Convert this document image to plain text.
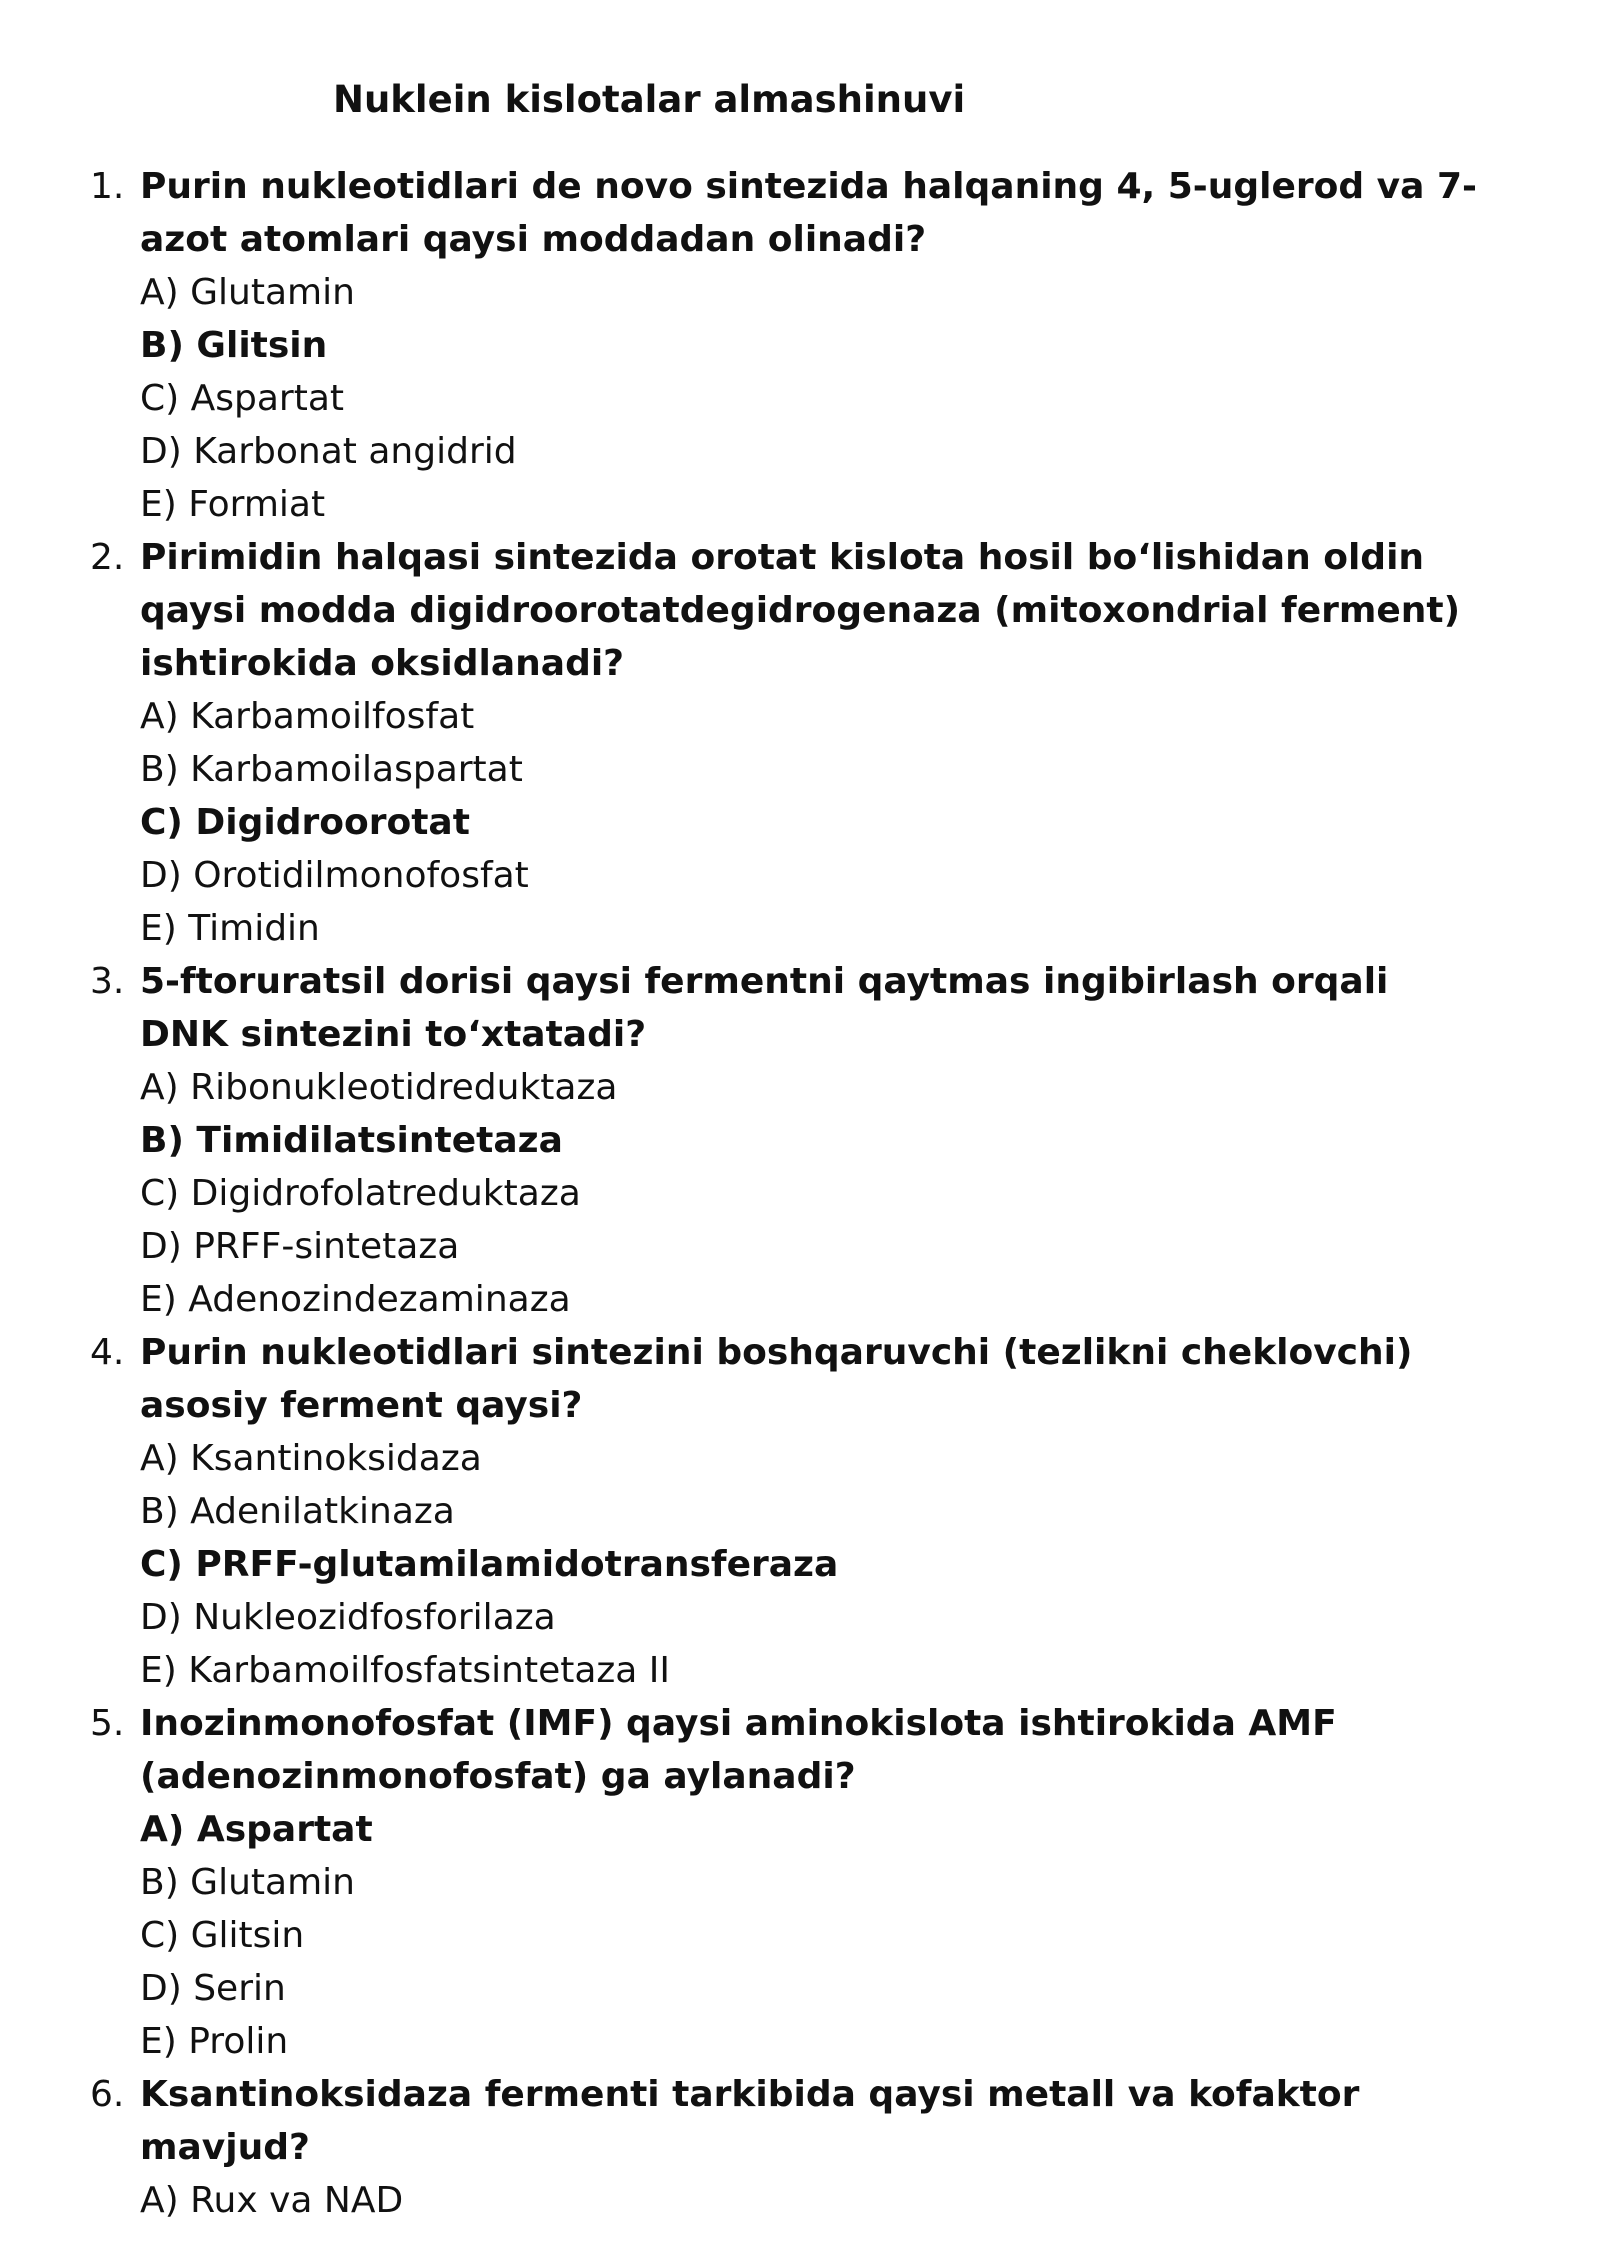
Nuklein kislotalar almashinuvi
1. Purin nukleotidlari de novo sintezida halqaning 4, 5-uglerod va 7-azot atomlari qaysi moddadan olinadi?

A) Glutamin
B) Glitsin
C) Aspartat
D) Karbonat angidrid
E) Formiat
2. Pirimidin halqasi sintezida orotat kislota hosil bo‘lishidan oldin qaysi modda digidroorotatdegidrogenaza (mitoxondrial ferment) ishtirokida oksidlanadi?

A) Karbamoilfosfat
B) Karbamoilaspartat
C) Digidroorotat
D) Orotidilmonofosfat
E) Timidin
3. 5-ftoruratsil dorisi qaysi fermentni qaytmas ingibirlash orqali DNK sintezini to‘xtatadi?

A) Ribonukleotidreduktaza
B) Timidilatsintetaza
C) Digidrofolatreduktaza
D) PRFF-sintetaza
E) Adenozindezaminaza
4. Purin nukleotidlari sintezini boshqaruvchi (tezlikni cheklovchi) asosiy ferment qaysi?

A) Ksantinoksidaza
B) Adenilatkinaza
C) PRFF-glutamilamidotransferaza
D) Nukleozidfosforilaza
E) Karbamoilfosfatsintetaza II
5. Inozinmonofosfat (IMF) qaysi aminokislota ishtirokida AMF (adenozinmonofosfat) ga aylanadi?

A) Aspartat
B) Glutamin
C) Glitsin
D) Serin
E) Prolin
6. Ksantinoksidaza fermenti tarkibida qaysi metall va kofaktor mavjud?

A) Rux va NAD
